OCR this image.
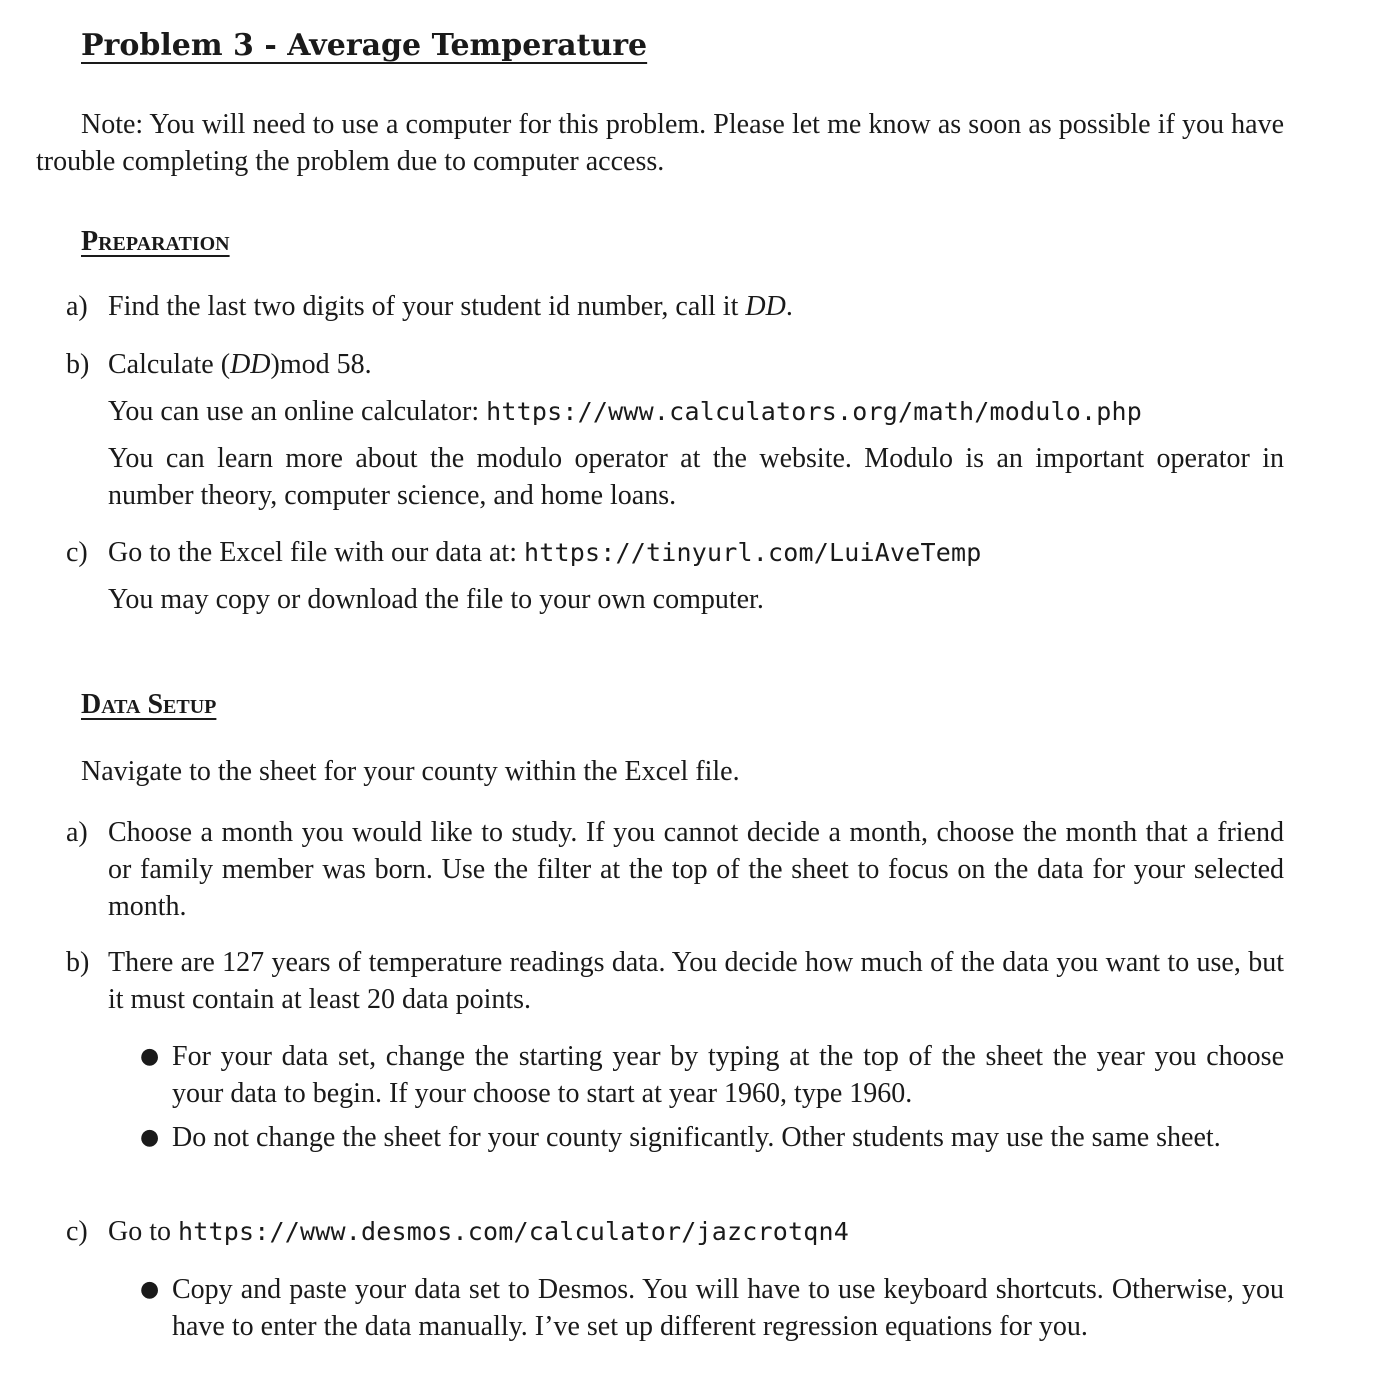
Problem 3 - Average Temperature

Note: You will need to use a computer for this problem. Please let me know as soon as possible if you have trouble completing the problem due to computer access.

Preparation
a) Find the last two digits of your student id number, call it DD.
b) Calculate (DD)mod 58.

You can use an online calculator: https://www.calculators.org/math/modulo.php

You can learn more about the modulo operator at the website. Modulo is an important operator in number theory, computer science, and home loans.

c) Go to the Excel file with our data at: https://tinyurl.com/LuiAveTemp

You may copy or download the file to your own computer.

Data Setup

Navigate to the sheet for your county within the Excel file.

a) Choose a month you would like to study. If you cannot decide a month, choose the month that a friend or family member was born. Use the filter at the top of the sheet to focus on the data for your selected month.
b) There are 127 years of temperature readings data. You decide how much of the data you want to use, but it must contain at least 20 data points.
● For your data set, change the starting year by typing at the top of the sheet the year you choose your data to begin. If your choose to start at year 1960, type 1960.
● Do not change the sheet for your county significantly. Other students may use the same sheet.
c) Go to https://www.desmos.com/calculator/jazcrotqn4
● Copy and paste your data set to Desmos. You will have to use keyboard shortcuts. Otherwise, you have to enter the data manually. I’ve set up different regression equations for you.
